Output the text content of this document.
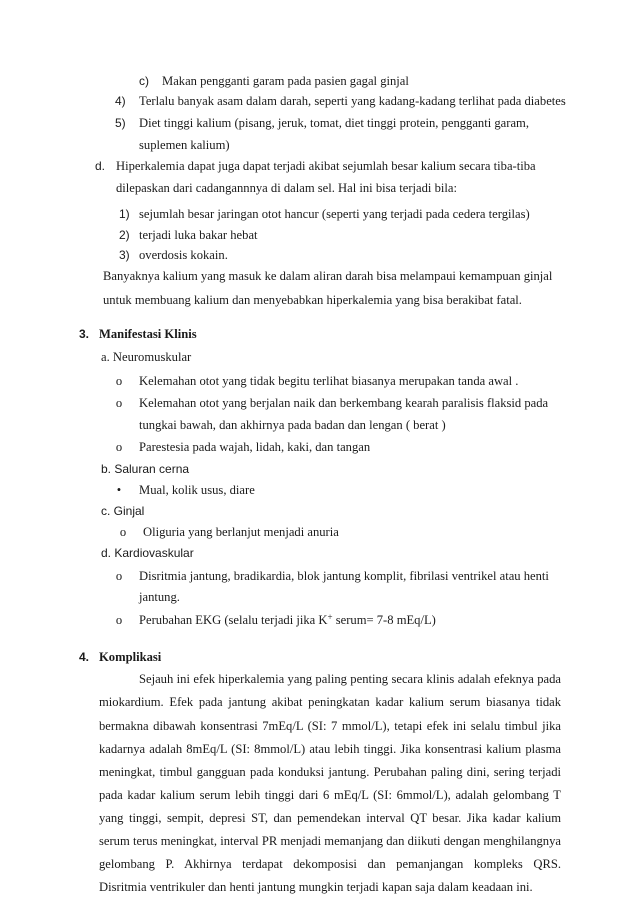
c) Makan pengganti garam pada pasien gagal ginjal
4) Terlalu banyak asam dalam darah, seperti yang kadang-kadang terlihat pada diabetes
5) Diet tinggi kalium (pisang, jeruk, tomat, diet tinggi protein, pengganti garam,
suplemen kalium)
d. Hiperkalemia dapat juga dapat terjadi akibat sejumlah besar kalium secara tiba-tiba
dilepaskan dari cadangannnya di dalam sel. Hal ini bisa terjadi bila:
1) sejumlah besar jaringan otot hancur (seperti yang terjadi pada cedera tergilas)
2) terjadi luka bakar hebat
3) overdosis kokain.
Banyaknya kalium yang masuk ke dalam aliran darah bisa melampaui kemampuan ginjal
untuk membuang kalium dan menyebabkan hiperkalemia yang bisa berakibat fatal.
3. Manifestasi Klinis
a. Neuromuskular
o	Kelemahan otot yang tidak begitu terlihat biasanya merupakan tanda awal .
o	Kelemahan otot yang berjalan naik dan berkembang kearah paralisis flaksid pada
tungkai bawah, dan akhirnya pada badan dan lengan ( berat )
o	Parestesia pada wajah, lidah, kaki, dan tangan
b. Saluran cerna
•	Mual, kolik usus, diare
c. Ginjal
o	Oliguria yang berlanjut menjadi anuria
d. Kardiovaskular
o	Disritmia jantung, bradikardia, blok jantung komplit, fibrilasi ventrikel atau henti
jantung.
o	Perubahan EKG (selalu terjadi jika K+ serum= 7-8 mEq/L)
4. Komplikasi
Sejauh ini efek hiperkalemia yang paling penting secara klinis adalah efeknya pada
miokardium. Efek pada jantung akibat peningkatan kadar kalium serum biasanya tidak
bermakna dibawah konsentrasi 7mEq/L (SI: 7 mmol/L), tetapi efek ini selalu timbul jika
kadarnya adalah 8mEq/L (SI: 8mmol/L) atau lebih tinggi. Jika konsentrasi kalium plasma
meningkat, timbul gangguan pada konduksi jantung. Perubahan paling dini, sering terjadi
pada kadar kalium serum lebih tinggi dari 6 mEq/L (SI: 6mmol/L), adalah gelombang T
yang tinggi, sempit, depresi ST, dan pemendekan interval QT besar. Jika kadar kalium
serum terus meningkat, interval PR menjadi memanjang dan diikuti dengan menghilangnya
gelombang P. Akhirnya terdapat dekomposisi dan pemanjangan kompleks QRS.
Disritmia ventrikuler dan henti jantung mungkin terjadi kapan saja dalam keadaan ini.
